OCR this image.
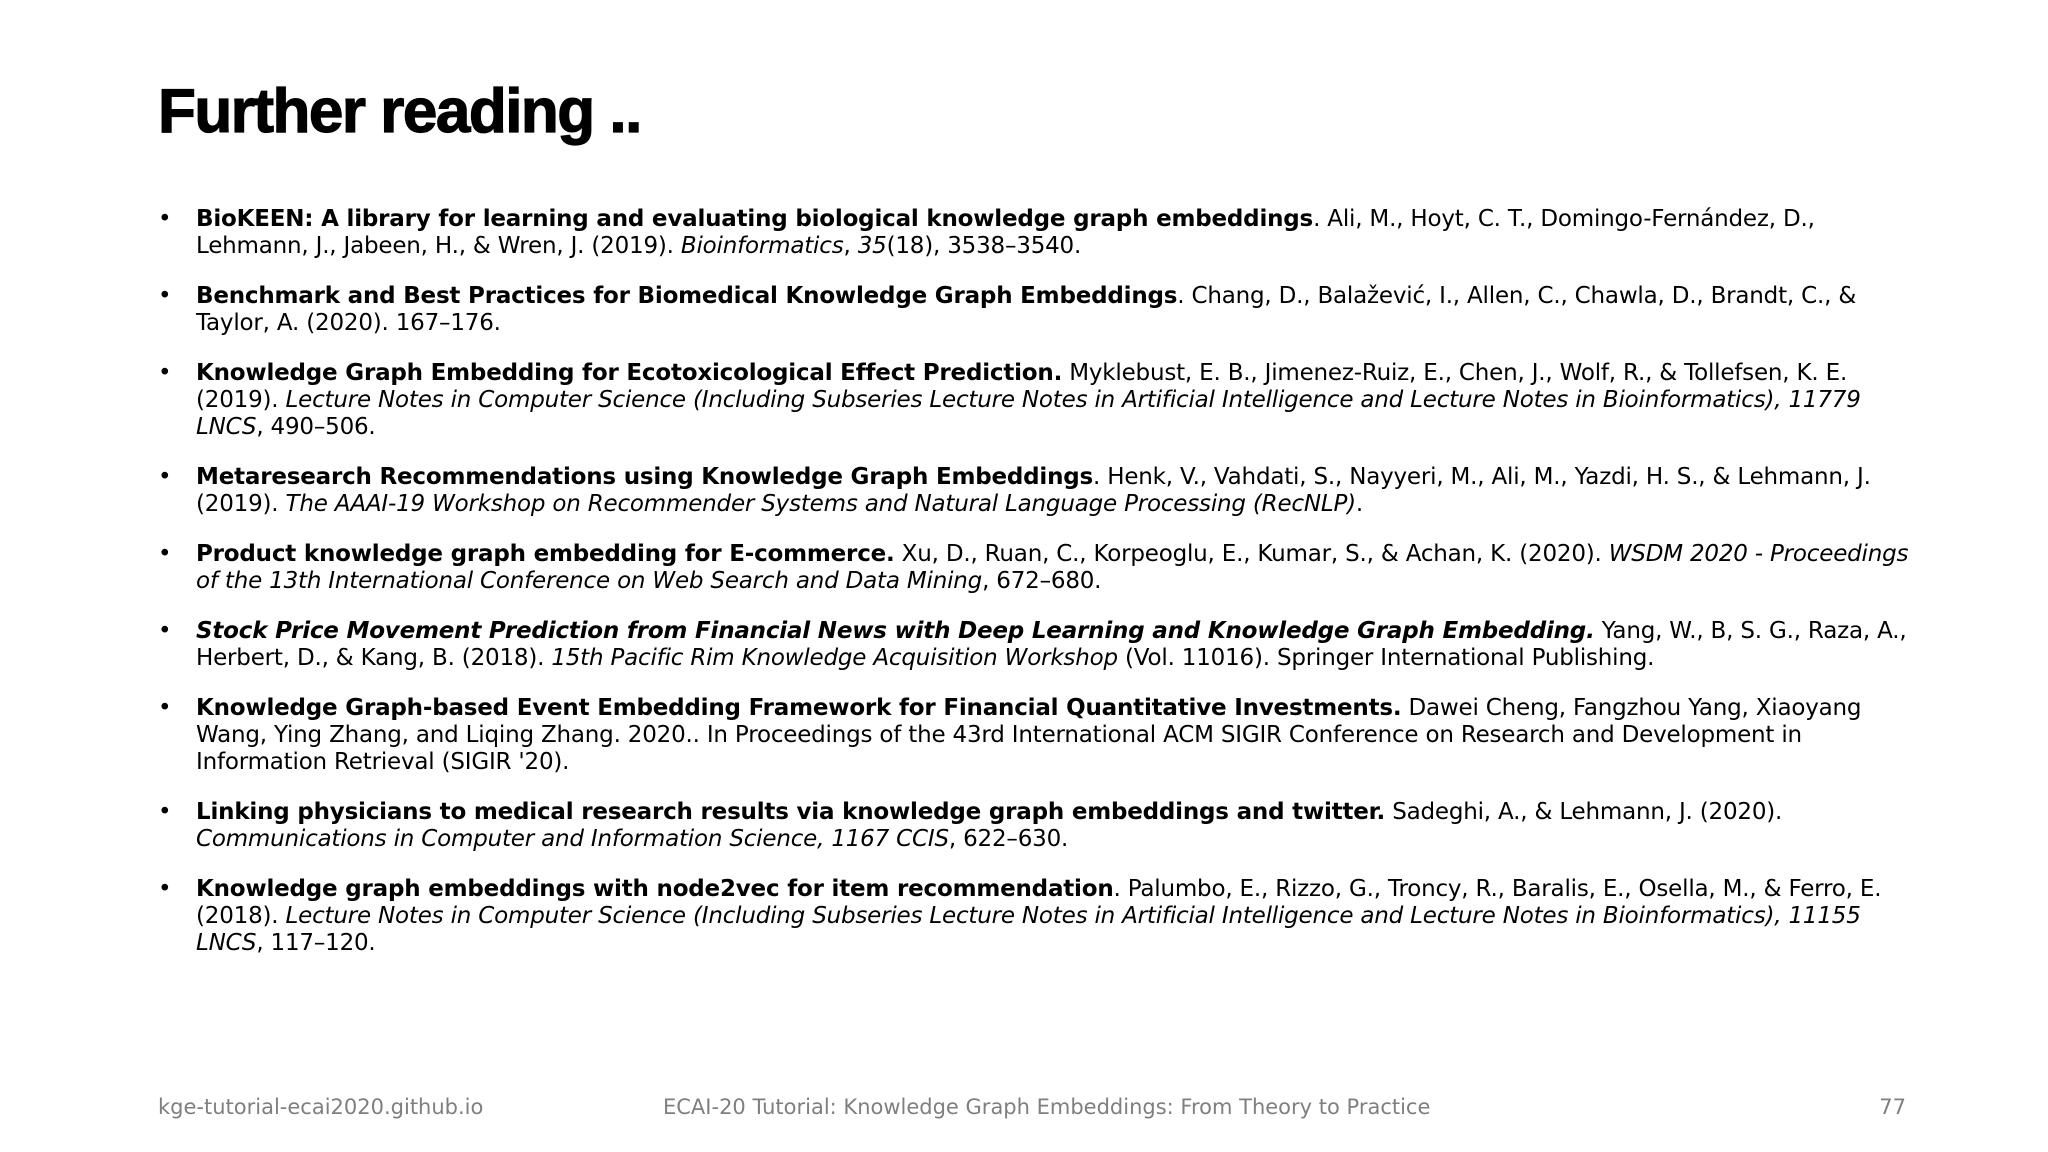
Further reading ..
• BioKEEN: A library for learning and evaluating biological knowledge graph embeddings. Ali, M., Hoyt, C. T., Domingo-Fernández, D., Lehmann, J., Jabeen, H., & Wren, J. (2019). Bioinformatics, 35(18), 3538–3540.
• Benchmark and Best Practices for Biomedical Knowledge Graph Embeddings. Chang, D., Balažević, I., Allen, C., Chawla, D., Brandt, C., & Taylor, A. (2020). 167–176.
• Knowledge Graph Embedding for Ecotoxicological Effect Prediction. Myklebust, E. B., Jimenez-Ruiz, E., Chen, J., Wolf, R., & Tollefsen, K. E. (2019). Lecture Notes in Computer Science (Including Subseries Lecture Notes in Artificial Intelligence and Lecture Notes in Bioinformatics), 11779 LNCS, 490–506.
• Metaresearch Recommendations using Knowledge Graph Embeddings. Henk, V., Vahdati, S., Nayyeri, M., Ali, M., Yazdi, H. S., & Lehmann, J. (2019). The AAAI-19 Workshop on Recommender Systems and Natural Language Processing (RecNLP).
• Product knowledge graph embedding for E-commerce. Xu, D., Ruan, C., Korpeoglu, E., Kumar, S., & Achan, K. (2020). WSDM 2020 - Proceedings of the 13th International Conference on Web Search and Data Mining, 672–680.
• Stock Price Movement Prediction from Financial News with Deep Learning and Knowledge Graph Embedding. Yang, W., B, S. G., Raza, A., Herbert, D., & Kang, B. (2018). 15th Pacific Rim Knowledge Acquisition Workshop (Vol. 11016). Springer International Publishing.
• Knowledge Graph-based Event Embedding Framework for Financial Quantitative Investments. Dawei Cheng, Fangzhou Yang, Xiaoyang Wang, Ying Zhang, and Liqing Zhang. 2020.. In Proceedings of the 43rd International ACM SIGIR Conference on Research and Development in Information Retrieval (SIGIR '20).
• Linking physicians to medical research results via knowledge graph embeddings and twitter. Sadeghi, A., & Lehmann, J. (2020). Communications in Computer and Information Science, 1167 CCIS, 622–630.
• Knowledge graph embeddings with node2vec for item recommendation. Palumbo, E., Rizzo, G., Troncy, R., Baralis, E., Osella, M., & Ferro, E. (2018). Lecture Notes in Computer Science (Including Subseries Lecture Notes in Artificial Intelligence and Lecture Notes in Bioinformatics), 11155 LNCS, 117–120.
kge-tutorial-ecai2020.github.io	ECAI-20 Tutorial: Knowledge Graph Embeddings: From Theory to Practice	77
